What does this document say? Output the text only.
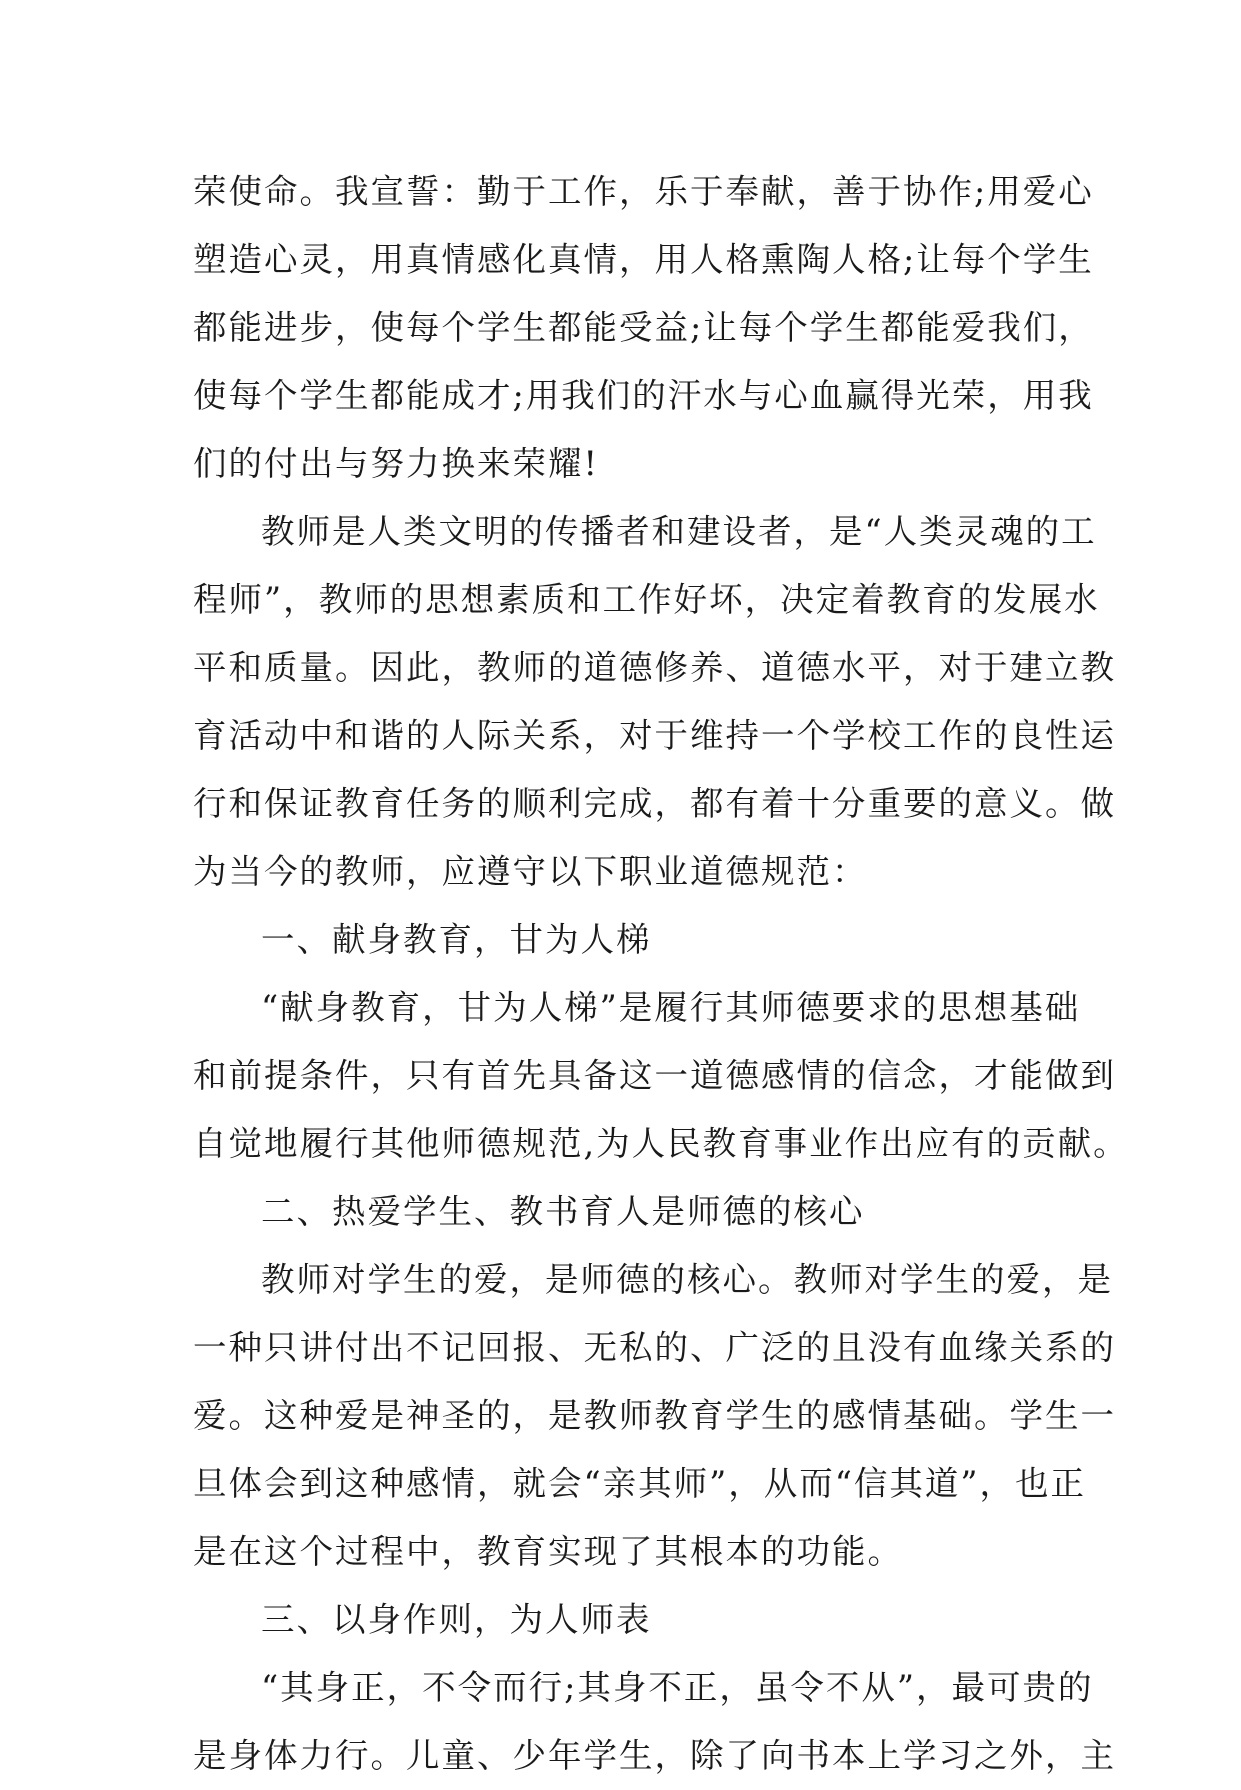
荣使命。我宣誓：勤于工作，乐于奉献，善于协作;用爱心
塑造心灵，用真情感化真情，用人格熏陶人格;让每个学生
都能进步，使每个学生都能受益;让每个学生都能爱我们，
使每个学生都能成才;用我们的汗水与心血赢得光荣，用我
们的付出与努力换来荣耀!
教师是人类文明的传播者和建设者，是“人类灵魂的工
程师”，教师的思想素质和工作好坏，决定着教育的发展水
平和质量。因此，教师的道德修养、道德水平，对于建立教
育活动中和谐的人际关系，对于维持一个学校工作的良性运
行和保证教育任务的顺利完成，都有着十分重要的意义。做
为当今的教师，应遵守以下职业道德规范：
一、献身教育，甘为人梯
“献身教育，甘为人梯”是履行其师德要求的思想基础
和前提条件，只有首先具备这一道德感情的信念，才能做到
自觉地履行其他师德规范,为人民教育事业作出应有的贡献。
二、热爱学生、教书育人是师德的核心
教师对学生的爱，是师德的核心。教师对学生的爱，是
一种只讲付出不记回报、无私的、广泛的且没有血缘关系的
爱。这种爱是神圣的，是教师教育学生的感情基础。学生一
旦体会到这种感情，就会“亲其师”，从而“信其道”，也正
是在这个过程中，教育实现了其根本的功能。
三、以身作则，为人师表
“其身正，不令而行;其身不正，虽令不从”，最可贵的
是身体力行。儿童、少年学生，除了向书本上学习之外，主
